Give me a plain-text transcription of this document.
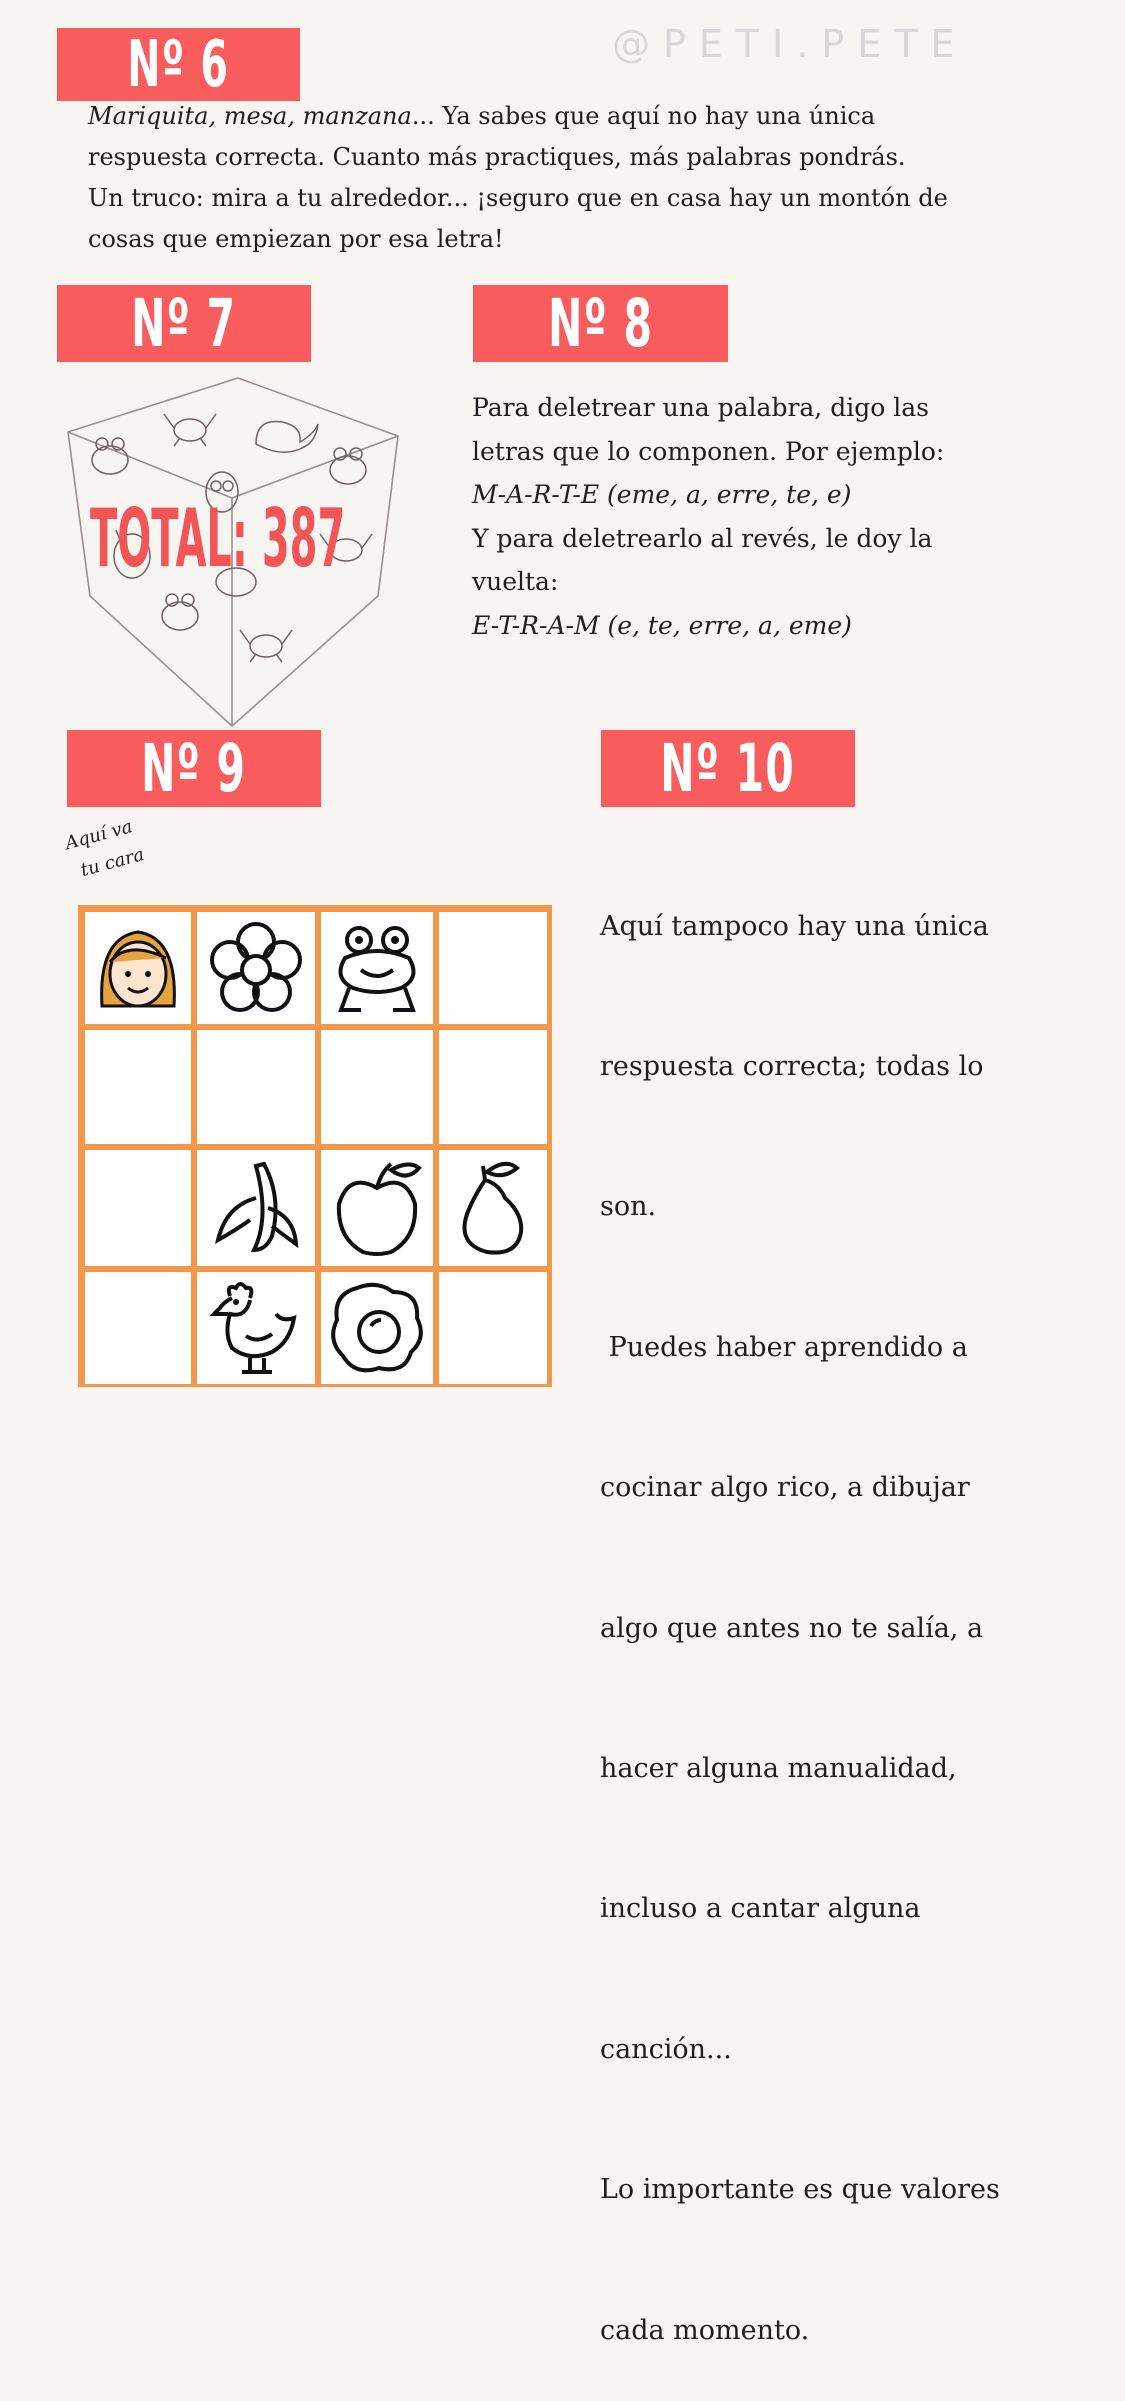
@PETI.PETE
Nº 6

Mariquita, mesa, manzana... Ya sabes que aquí no hay una única

respuesta correcta. Cuanto más practiques, más palabras pondrás.

Un truco: mira a tu alrededor... ¡seguro que en casa hay un montón de

cosas que empiezan por esa letra!

Nº 7
TOTAL: 387
Nº 8

Para deletrear una palabra, digo las

letras que lo componen. Por ejemplo:

M-A-R-T-E (eme, a, erre, te, e)

Y para deletrearlo al revés, le doy la

vuelta:

E-T-R-A-M (e, te, erre, a, eme)

Nº 9
Aquí va
tu cara
Nº 10

Aquí tampoco hay una única

respuesta correcta; todas lo

son.

Puedes haber aprendido a

cocinar algo rico, a dibujar

algo que antes no te salía, a

hacer alguna manualidad,

incluso a cantar alguna

canción...

Lo importante es que valores

cada momento.
